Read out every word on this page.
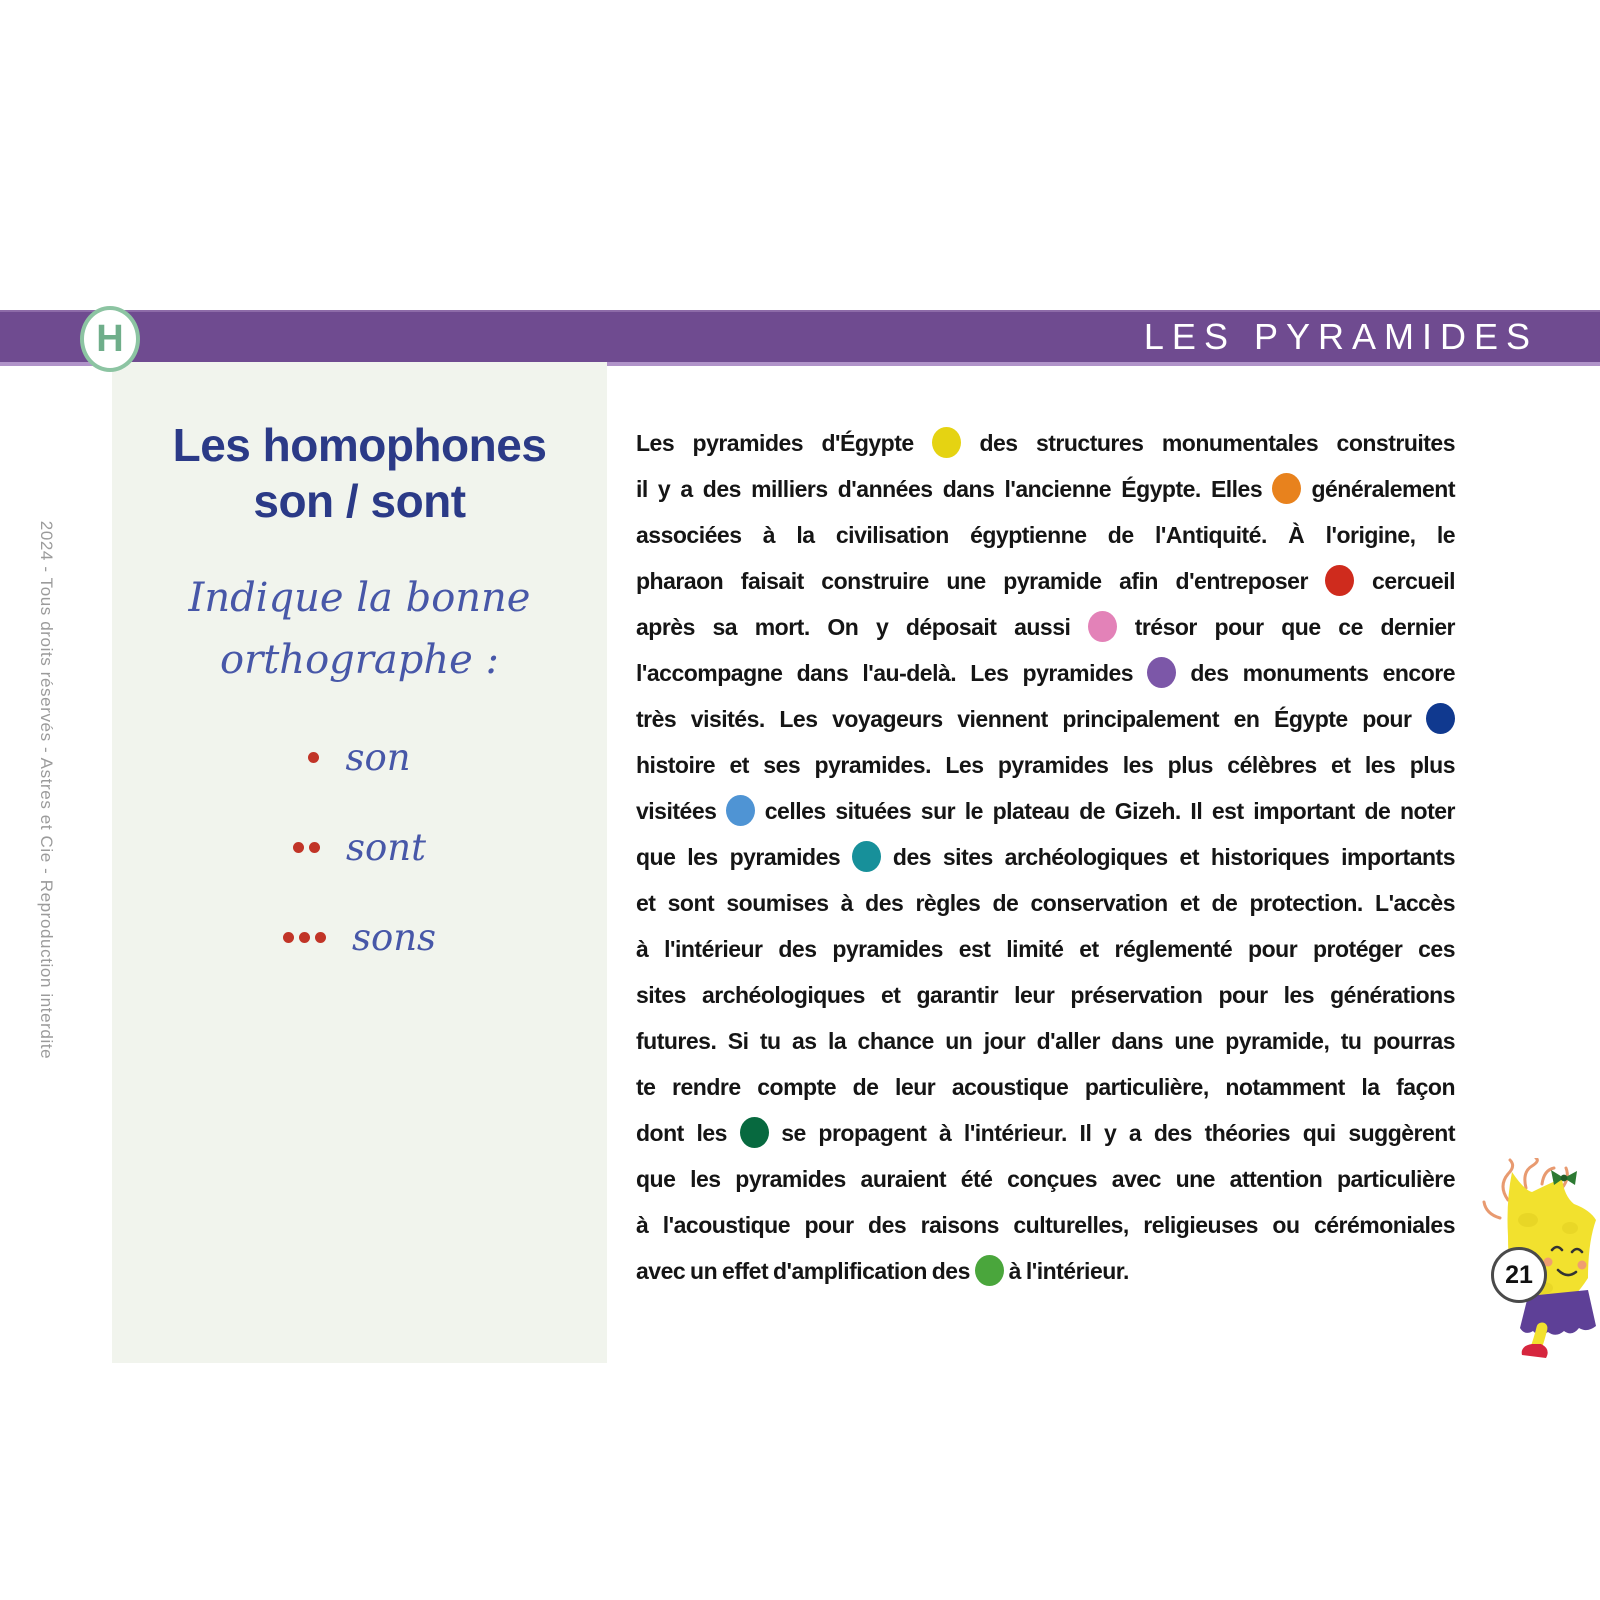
LES PYRAMIDES
H
2024 - Tous droits réservés - Astres et Cie - Reproduction interdite
Les homophones
son / sont
Indique la bonne
orthographe :
son
sont
sons
Les pyramides d'Égypte  des structures monumentales construites
il y a des milliers d'années dans l'ancienne Égypte. Elles  généralement
associées à la civilisation égyptienne de l'Antiquité. À l'origine, le
pharaon faisait construire une pyramide afin d'entreposer  cercueil
après sa mort. On y déposait aussi  trésor pour que ce dernier
l'accompagne dans l'au-delà. Les pyramides  des monuments encore
très visités. Les voyageurs viennent principalement en Égypte pour
histoire et ses pyramides. Les pyramides les plus célèbres et les plus
visitées  celles situées sur le plateau de Gizeh. Il est important de noter
que les pyramides  des sites archéologiques et historiques importants
et sont soumises à des règles de conservation et de protection. L'accès
à l'intérieur des pyramides est limité et réglementé pour protéger ces
sites archéologiques et garantir leur préservation pour les générations
futures. Si tu as la chance un jour d'aller dans une pyramide, tu pourras
te rendre compte de leur acoustique particulière, notamment la façon
dont les  se propagent à l'intérieur. Il y a des théories qui suggèrent
que les pyramides auraient été conçues avec une attention particulière
à l'acoustique pour des raisons culturelles, religieuses ou cérémoniales
avec un effet d'amplification des  à l'intérieur.	21
